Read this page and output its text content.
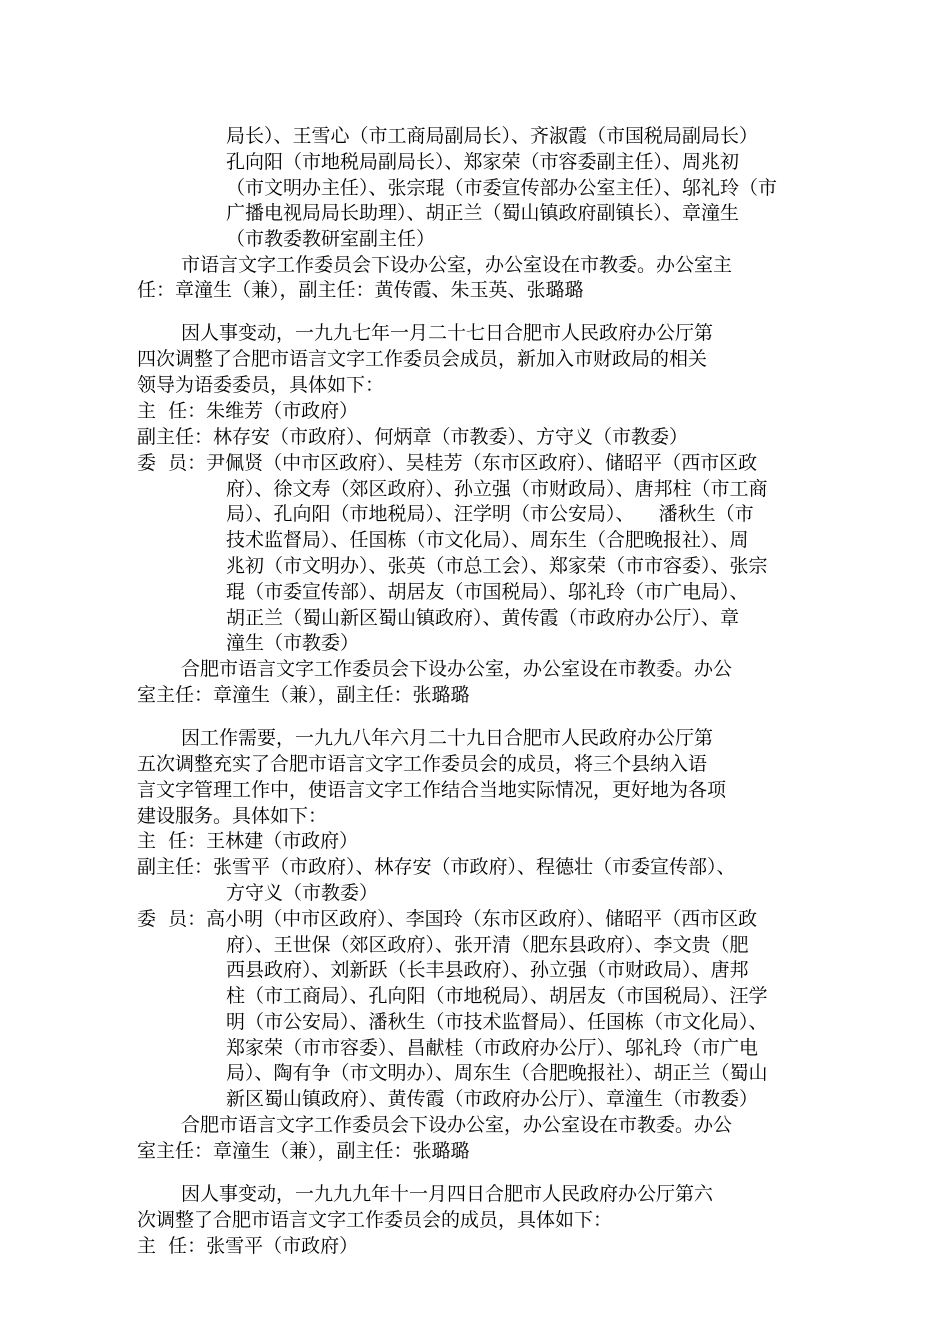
局长）、王雪心（市工商局副局长）、齐淑霞（市国税局副局长）

孔向阳（市地税局副局长）、郑家荣（市容委副主任）、周兆初

（市文明办主任）、张宗琨（市委宣传部办公室主任）、邬礼玲（市

广播电视局局长助理）、胡正兰（蜀山镇政府副镇长）、章潼生

（市教委教研室副主任）

市语言文字工作委员会下设办公室，办公室设在市教委。办公室主

任：章潼生（兼），副主任：黄传霞、朱玉英、张璐璐

因人事变动，一九九七年一月二十七日合肥市人民政府办公厅第

四次调整了合肥市语言文字工作委员会成员，新加入市财政局的相关

领导为语委委员，具体如下：

主  任：朱维芳（市政府）

副主任：林存安（市政府）、何炳章（市教委）、方守义（市教委）

委  员：尹佩贤（中市区政府）、吴桂芳（东市区政府）、储昭平（西市区政

府）、徐文寿（郊区政府）、孙立强（市财政局）、唐邦柱（市工商

局）、孔向阳（市地税局）、汪学明（市公安局）、    潘秋生（市

技术监督局）、任国栋（市文化局）、周东生（合肥晚报社）、周

兆初（市文明办）、张英（市总工会）、郑家荣（市市容委）、张宗

琨（市委宣传部）、胡居友（市国税局）、邬礼玲（市广电局）、

胡正兰（蜀山新区蜀山镇政府）、黄传霞（市政府办公厅）、章

潼生（市教委）

合肥市语言文字工作委员会下设办公室，办公室设在市教委。办公

室主任：章潼生（兼），副主任：张璐璐

因工作需要，一九九八年六月二十九日合肥市人民政府办公厅第

五次调整充实了合肥市语言文字工作委员会的成员，将三个县纳入语

言文字管理工作中，使语言文字工作结合当地实际情况，更好地为各项

建设服务。具体如下：

主  任：王林建（市政府）

副主任：张雪平（市政府）、林存安（市政府）、程德壮（市委宣传部）、

方守义（市教委）

委  员：高小明（中市区政府）、李国玲（东市区政府）、储昭平（西市区政

府）、王世保（郊区政府）、张开清（肥东县政府）、李文贵（肥

西县政府）、刘新跃（长丰县政府）、孙立强（市财政局）、唐邦

柱（市工商局）、孔向阳（市地税局）、胡居友（市国税局）、汪学

明（市公安局）、潘秋生（市技术监督局）、任国栋（市文化局）、

郑家荣（市市容委）、昌献桂（市政府办公厅）、邬礼玲（市广电

局）、陶有争（市文明办）、周东生（合肥晚报社）、胡正兰（蜀山

新区蜀山镇政府）、黄传霞（市政府办公厅）、章潼生（市教委）

合肥市语言文字工作委员会下设办公室，办公室设在市教委。办公

室主任：章潼生（兼），副主任：张璐璐

因人事变动，一九九九年十一月四日合肥市人民政府办公厅第六

次调整了合肥市语言文字工作委员会的成员，具体如下：

主  任：张雪平（市政府）
